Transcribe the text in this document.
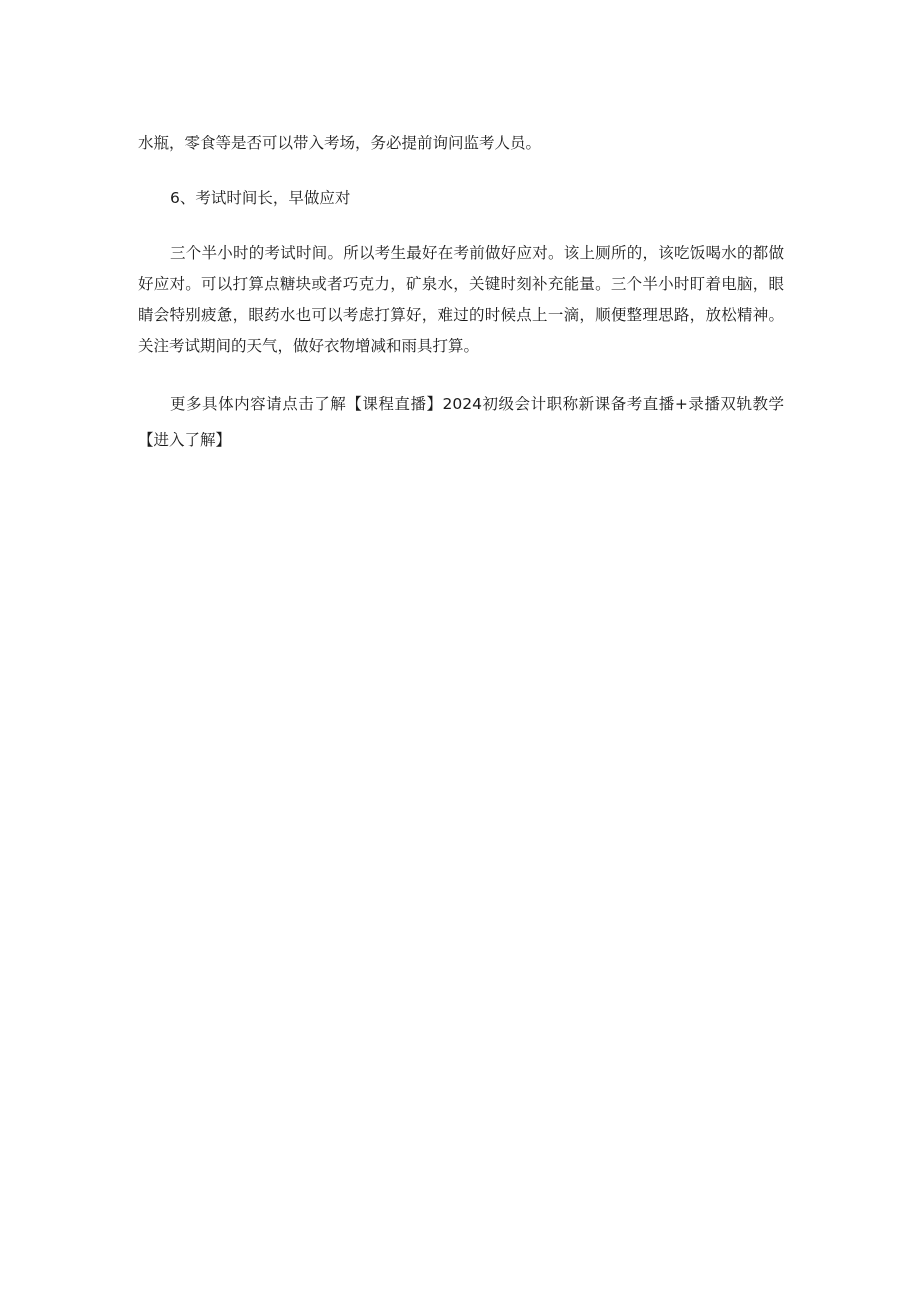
水瓶，零食等是否可以带入考场，务必提前询问监考人员。

6、考试时间长，早做应对

三个半小时的考试时间。所以考生最好在考前做好应对。该上厕所的，该吃饭喝水的都做好应对。可以打算点糖块或者巧克力，矿泉水，关键时刻补充能量。三个半小时盯着电脑，眼睛会特别疲惫，眼药水也可以考虑打算好，难过的时候点上一滴，顺便整理思路，放松精神。关注考试期间的天气，做好衣物增减和雨具打算。

更多具体内容请点击了解【课程直播】2024初级会计职称新课备考直播+录播双轨教学【进入了解】
